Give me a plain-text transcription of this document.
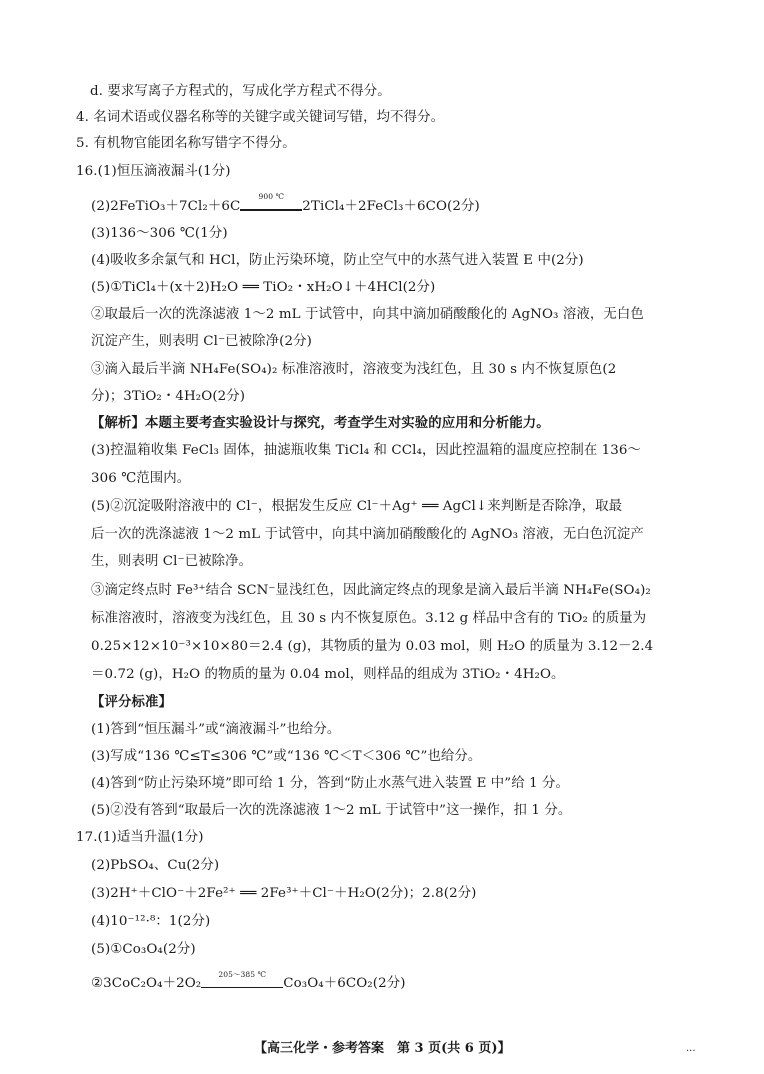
d. 要求写离子方程式的，写成化学方程式不得分。
4. 名词术语或仪器名称等的关键字或关键词写错，均不得分。
5. 有机物官能团名称写错字不得分。
16.(1)恒压滴液漏斗(1分)
(2)2FeTiO₃＋7Cl₂＋6C
900 ℃
2TiCl₄＋2FeCl₃＋6CO(2分)
(3)136～306 ℃(1分)
(4)吸收多余氯气和 HCl，防止污染环境，防止空气中的水蒸气进入装置 E 中(2分)
(5)①TiCl₄＋(x＋2)H₂O ══ TiO₂・xH₂O↓＋4HCl(2分)
②取最后一次的洗涤滤液 1～2 mL 于试管中，向其中滴加硝酸酸化的 AgNO₃ 溶液，无白色
沉淀产生，则表明 Cl⁻已被除净(2分)
③滴入最后半滴 NH₄Fe(SO₄)₂ 标准溶液时，溶液变为浅红色，且 30 s 内不恢复原色(2
分)；3TiO₂・4H₂O(2分)
【解析】本题主要考查实验设计与探究，考查学生对实验的应用和分析能力。
(3)控温箱收集 FeCl₃ 固体，抽滤瓶收集 TiCl₄ 和 CCl₄，因此控温箱的温度应控制在 136～
306 ℃范围内。
(5)②沉淀吸附溶液中的 Cl⁻，根据发生反应 Cl⁻＋Ag⁺ ══ AgCl↓来判断是否除净，取最
后一次的洗涤滤液 1～2 mL 于试管中，向其中滴加硝酸酸化的 AgNO₃ 溶液，无白色沉淀产
生，则表明 Cl⁻已被除净。
③滴定终点时 Fe³⁺结合 SCN⁻显浅红色，因此滴定终点的现象是滴入最后半滴 NH₄Fe(SO₄)₂
标准溶液时，溶液变为浅红色，且 30 s 内不恢复原色。3.12 g 样品中含有的 TiO₂ 的质量为
0.25×12×10⁻³×10×80＝2.4 (g)，其物质的量为 0.03 mol，则 H₂O 的质量为 3.12－2.4
＝0.72 (g)，H₂O 的物质的量为 0.04 mol，则样品的组成为 3TiO₂・4H₂O。
【评分标准】
(1)答到“恒压漏斗”或“滴液漏斗”也给分。
(3)写成“136 ℃≤T≤306 ℃”或“136 ℃＜T＜306 ℃”也给分。
(4)答到“防止污染环境”即可给 1 分，答到“防止水蒸气进入装置 E 中”给 1 分。
(5)②没有答到“取最后一次的洗涤滤液 1～2 mL 于试管中”这一操作，扣 1 分。
17.(1)适当升温(1分)
(2)PbSO₄、Cu(2分)
(3)2H⁺＋ClO⁻＋2Fe²⁺ ══ 2Fe³⁺＋Cl⁻＋H₂O(2分)；2.8(2分)
(4)10⁻¹²·⁸：1(2分)
(5)①Co₃O₄(2分)
②3CoC₂O₄＋2O₂
205～385 ℃
Co₃O₄＋6CO₂(2分)
【高三化学・参考答案　第 3 页(共 6 页)】	...
